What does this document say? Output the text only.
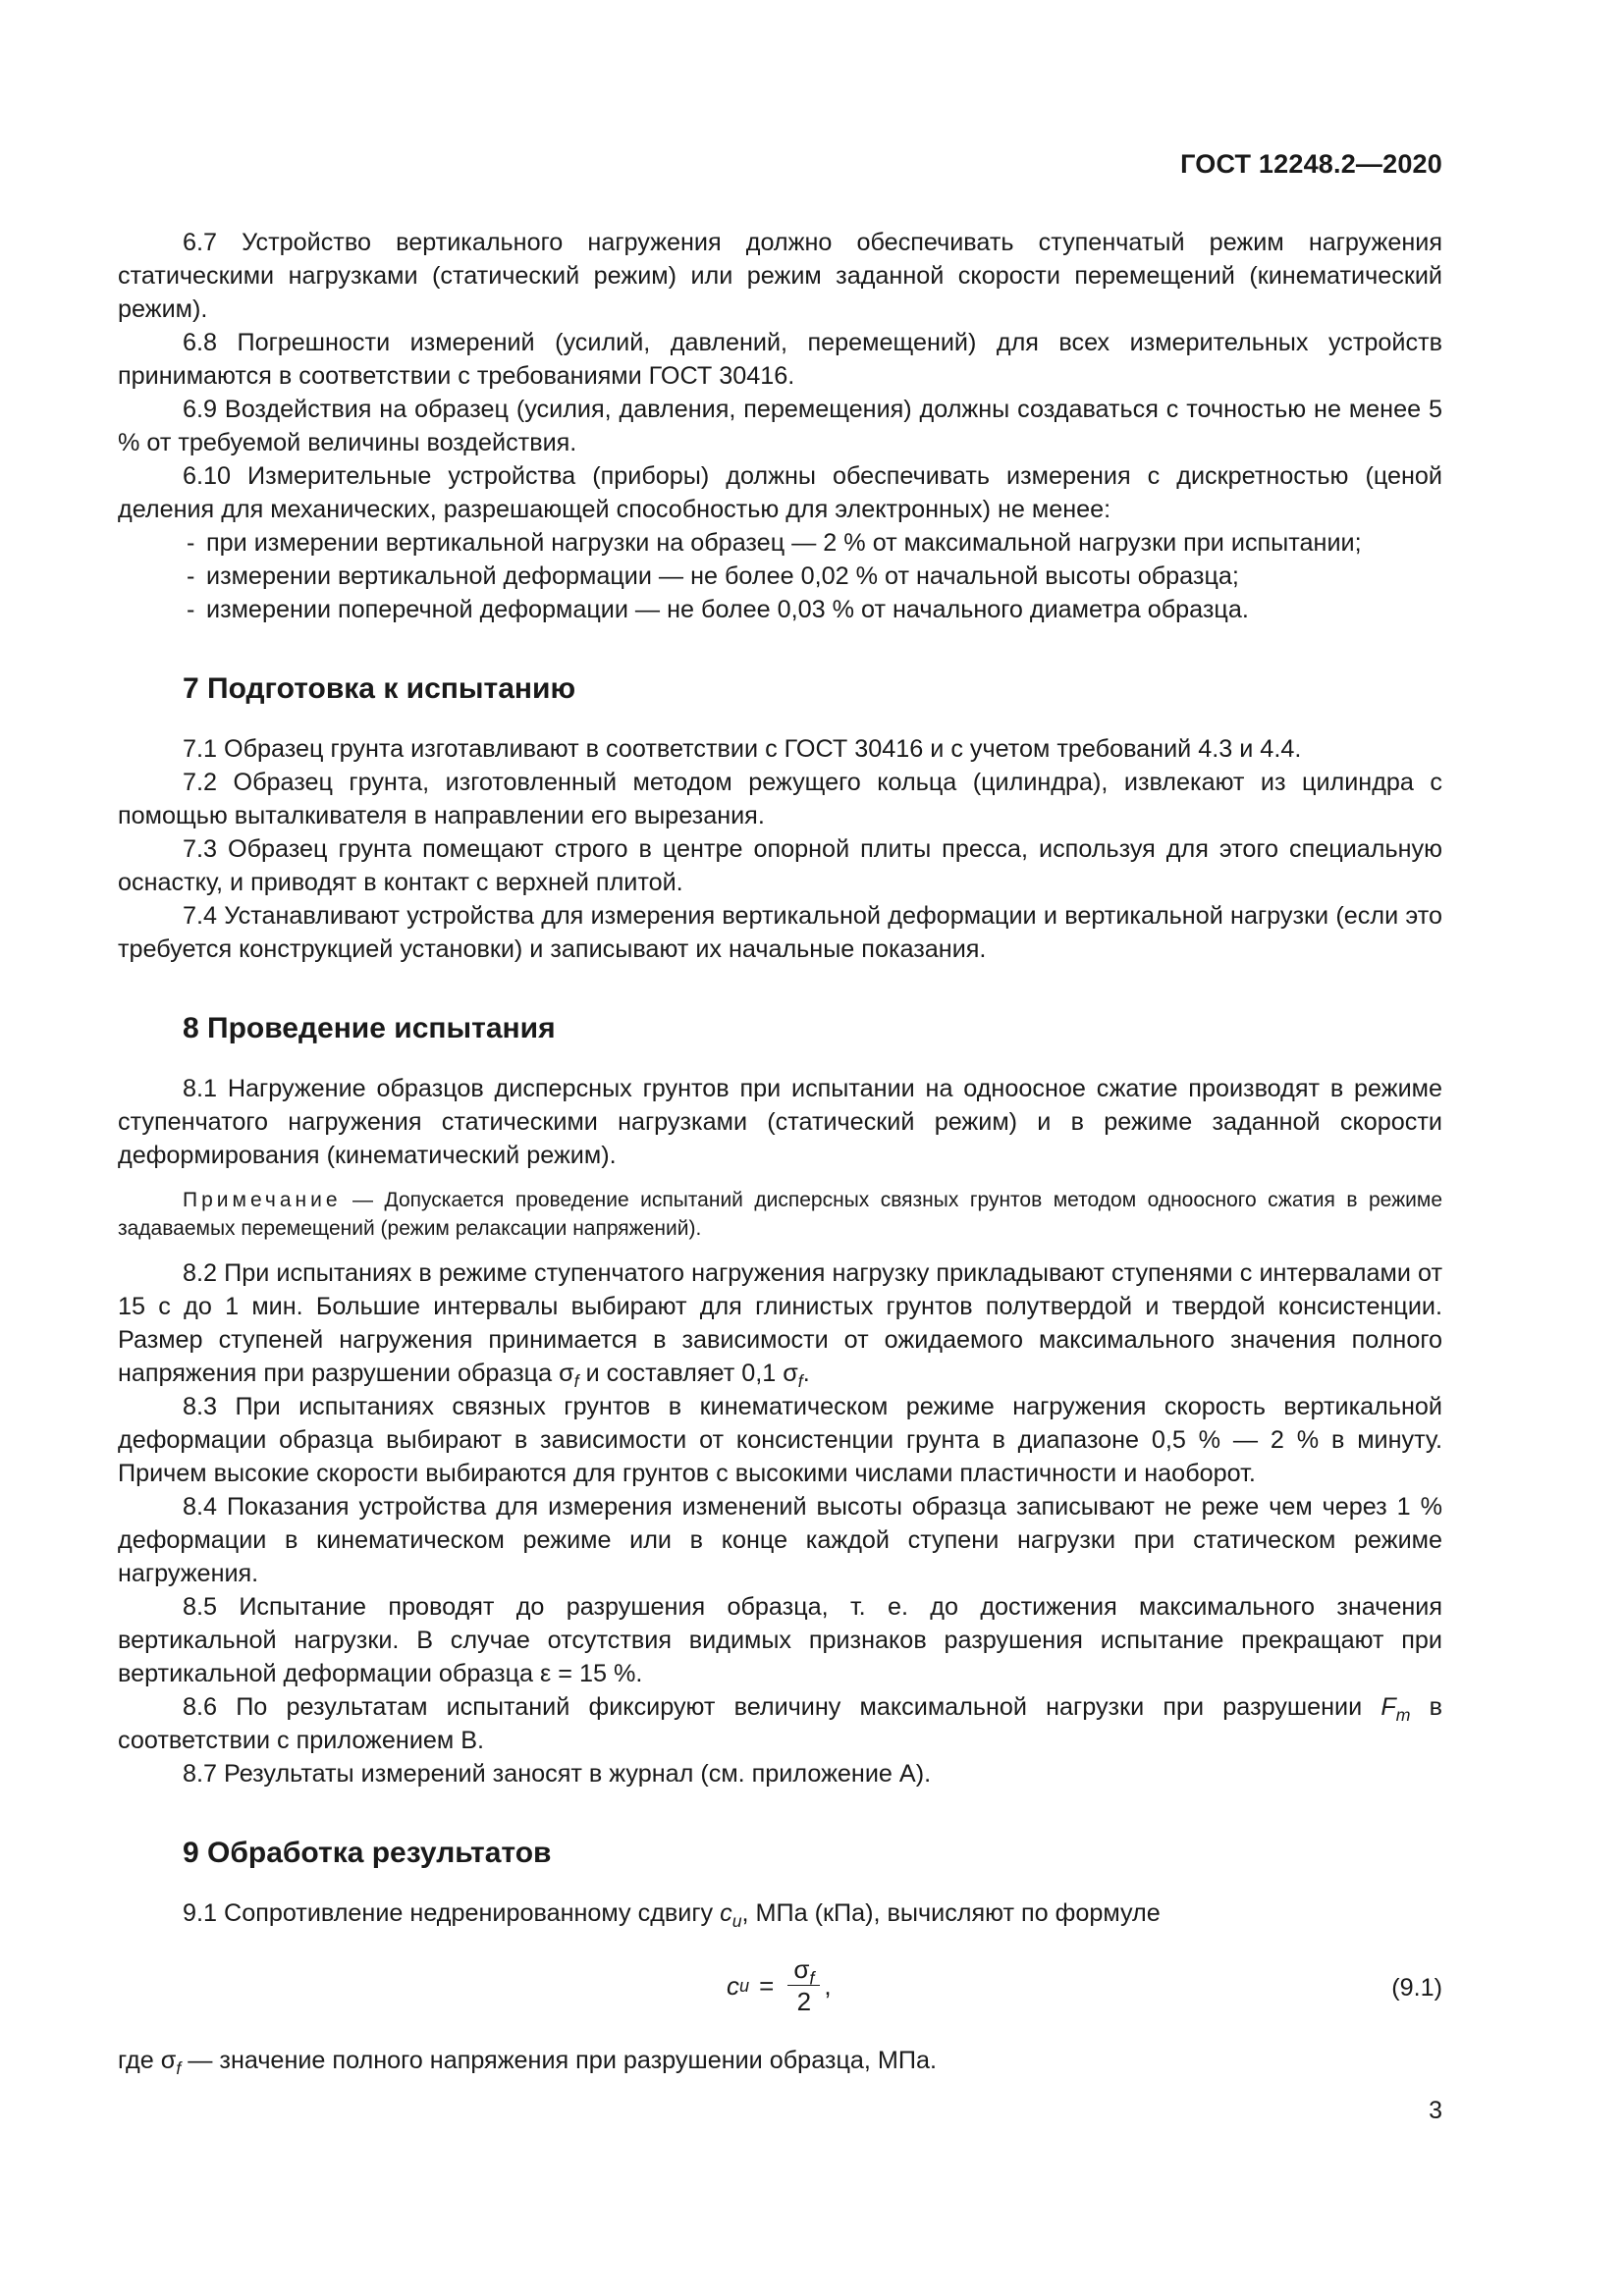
ГОСТ 12248.2—2020

6.7 Устройство вертикального нагружения должно обеспечивать ступенчатый режим нагружения статическими нагрузками (статический режим) или режим заданной скорости перемещений (кинематический режим).

6.8 Погрешности измерений (усилий, давлений, перемещений) для всех измерительных устройств принимаются в соответствии с требованиями ГОСТ 30416.

6.9 Воздействия на образец (усилия, давления, перемещения) должны создаваться с точностью не менее 5 % от требуемой величины воздействия.

6.10 Измерительные устройства (приборы) должны обеспечивать измерения с дискретностью (ценой деления для механических, разрешающей способностью для электронных) не менее:

- при измерении вертикальной нагрузки на образец — 2 % от максимальной нагрузки при испытании;
- измерении вертикальной деформации — не более 0,02 % от начальной высоты образца;
- измерении поперечной деформации — не более 0,03 % от начального диаметра образца.
7 Подготовка к испытанию

7.1 Образец грунта изготавливают в соответствии с ГОСТ 30416 и с учетом требований 4.3 и 4.4.

7.2 Образец грунта, изготовленный методом режущего кольца (цилиндра), извлекают из цилиндра с помощью выталкивателя в направлении его вырезания.

7.3 Образец грунта помещают строго в центре опорной плиты пресса, используя для этого специальную оснастку, и приводят в контакт с верхней плитой.

7.4 Устанавливают устройства для измерения вертикальной деформации и вертикальной нагрузки (если это требуется конструкцией установки) и записывают их начальные показания.

8 Проведение испытания

8.1 Нагружение образцов дисперсных грунтов при испытании на одноосное сжатие производят в режиме ступенчатого нагружения статическими нагрузками (статический режим) и в режиме заданной скорости деформирования (кинематический режим).

Примечание — Допускается проведение испытаний дисперсных связных грунтов методом одноосного сжатия в режиме задаваемых перемещений (режим релаксации напряжений).

8.2 При испытаниях в режиме ступенчатого нагружения нагрузку прикладывают ступенями с интервалами от 15 с до 1 мин. Большие интервалы выбирают для глинистых грунтов полутвердой и твердой консистенции. Размер ступеней нагружения принимается в зависимости от ожидаемого максимального значения полного напряжения при разрушении образца $\sigma_f$ и составляет 0,1 $\sigma_f$.

8.3 При испытаниях связных грунтов в кинематическом режиме нагружения скорость вертикальной деформации образца выбирают в зависимости от консистенции грунта в диапазоне 0,5 % — 2 % в минуту. Причем высокие скорости выбираются для грунтов с высокими числами пластичности и наоборот.

8.4 Показания устройства для измерения изменений высоты образца записывают не реже чем через 1 % деформации в кинематическом режиме или в конце каждой ступени нагрузки при статическом режиме нагружения.

8.5 Испытание проводят до разрушения образца, т. е. до достижения максимального значения вертикальной нагрузки. В случае отсутствия видимых признаков разрушения испытание прекращают при вертикальной деформации образца ε = 15 %.

8.6 По результатам испытаний фиксируют величину максимальной нагрузки при разрушении $F_m$ в соответствии с приложением В.

8.7 Результаты измерений заносят в журнал (см. приложение А).

9 Обработка результатов

9.1 Сопротивление недренированному сдвигу $c_u$, МПа (кПа), вычисляют по формуле

c $u = \frac{\sigma_f}{2}$ ,	(9.1)

где $\sigma_f$ — значение полного напряжения при разрушении образца, МПа.

3
